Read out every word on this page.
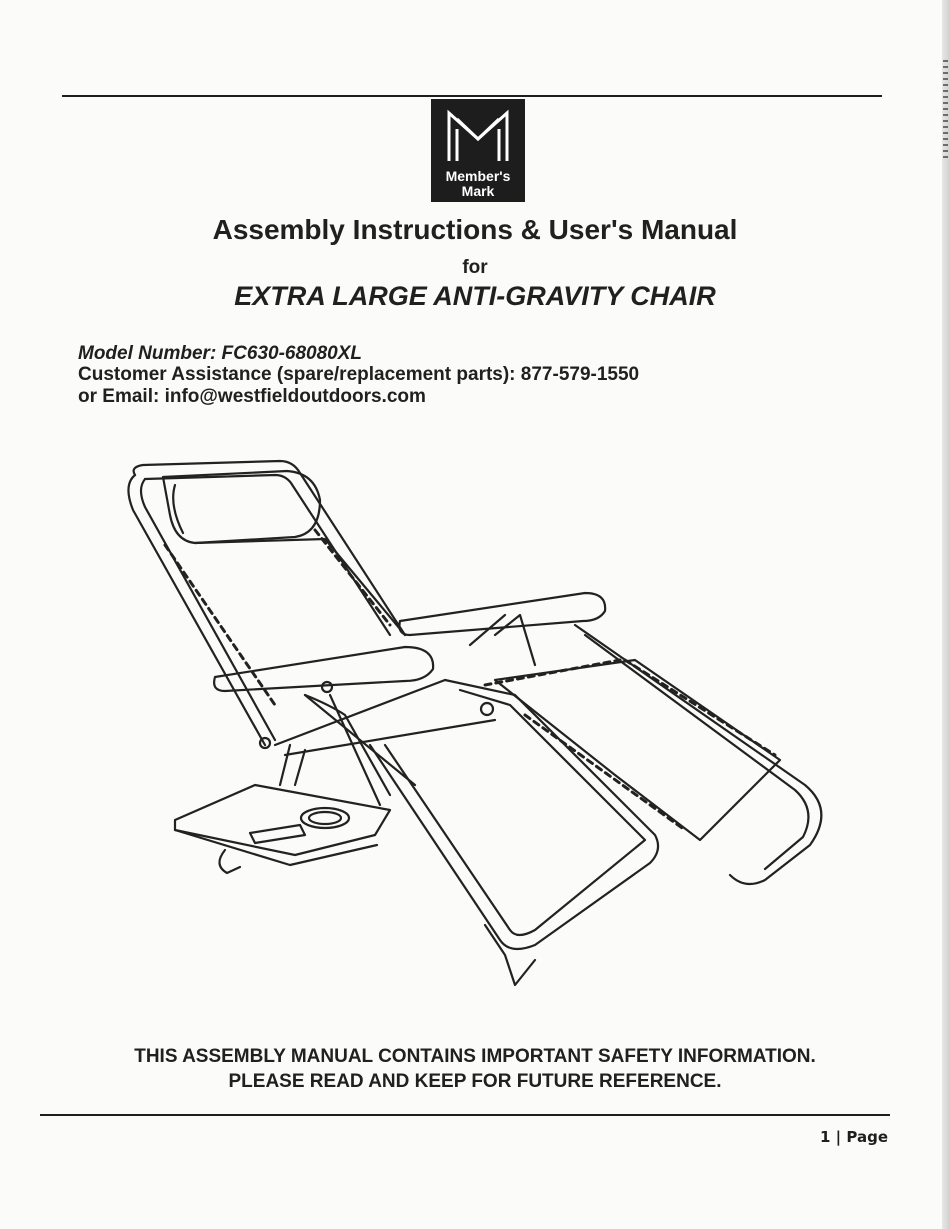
Member's
Mark
Assembly Instructions & User's Manual
for
EXTRA LARGE ANTI-GRAVITY CHAIR
Model Number: FC630-68080XL
Customer Assistance (spare/replacement parts): 877-579-1550
or Email: info@westfieldoutdoors.com
THIS ASSEMBLY MANUAL CONTAINS IMPORTANT SAFETY INFORMATION.
PLEASE READ AND KEEP FOR FUTURE REFERENCE.
1 | Page
